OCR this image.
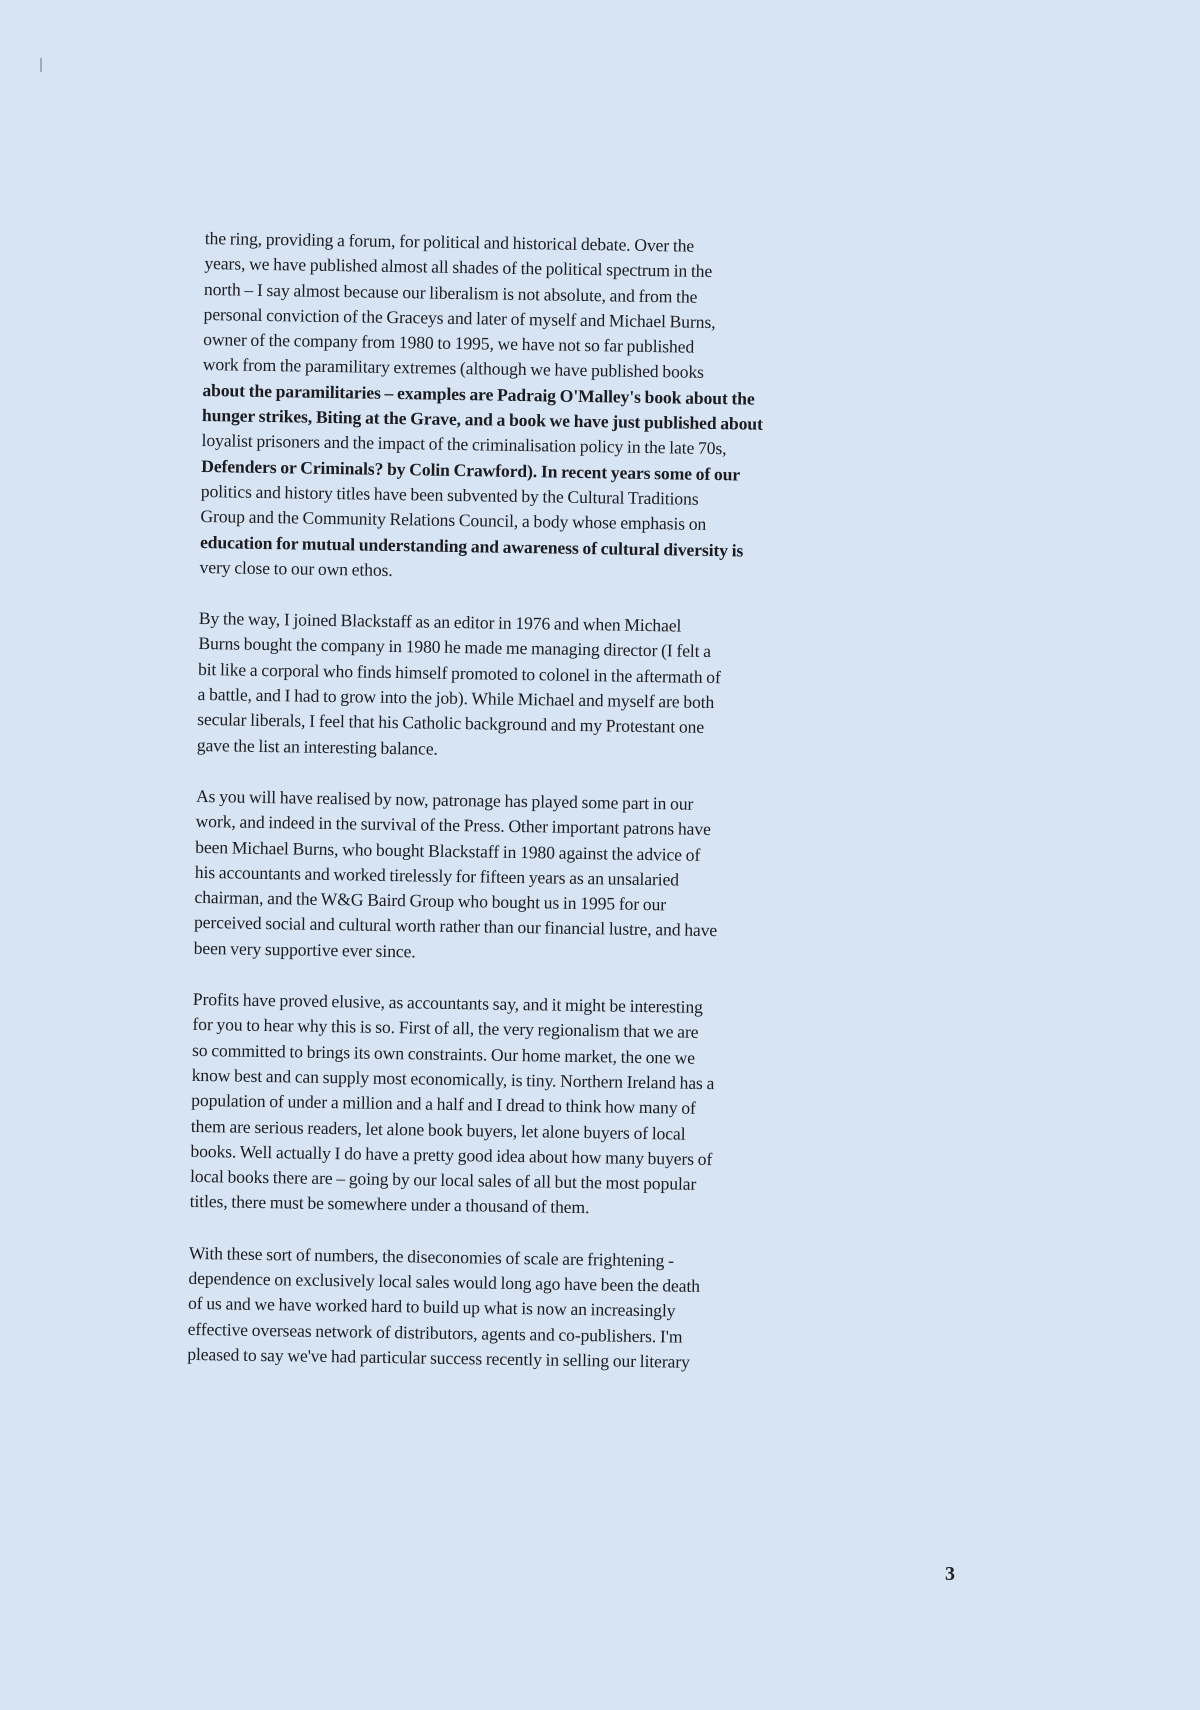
the ring, providing a forum, for political and historical debate. Over the
years, we have published almost all shades of the political spectrum in the
north – I say almost because our liberalism is not absolute, and from the
personal conviction of the Graceys and later of myself and Michael Burns,
owner of the company from 1980 to 1995, we have not so far published
work from the paramilitary extremes (although we have published books
about the paramilitaries – examples are Padraig O'Malley's book about the
hunger strikes, Biting at the Grave, and a book we have just published about
loyalist prisoners and the impact of the criminalisation policy in the late 70s,
Defenders or Criminals? by Colin Crawford). In recent years some of our
politics and history titles have been subvented by the Cultural Traditions
Group and the Community Relations Council, a body whose emphasis on
education for mutual understanding and awareness of cultural diversity is
very close to our own ethos.
By the way, I joined Blackstaff as an editor in 1976 and when Michael
Burns bought the company in 1980 he made me managing director (I felt a
bit like a corporal who finds himself promoted to colonel in the aftermath of
a battle, and I had to grow into the job). While Michael and myself are both
secular liberals, I feel that his Catholic background and my Protestant one
gave the list an interesting balance.
As you will have realised by now, patronage has played some part in our
work, and indeed in the survival of the Press. Other important patrons have
been Michael Burns, who bought Blackstaff in 1980 against the advice of
his accountants and worked tirelessly for fifteen years as an unsalaried
chairman, and the W&G Baird Group who bought us in 1995 for our
perceived social and cultural worth rather than our financial lustre, and have
been very supportive ever since.
Profits have proved elusive, as accountants say, and it might be interesting
for you to hear why this is so. First of all, the very regionalism that we are
so committed to brings its own constraints. Our home market, the one we
know best and can supply most economically, is tiny. Northern Ireland has a
population of under a million and a half and I dread to think how many of
them are serious readers, let alone book buyers, let alone buyers of local
books. Well actually I do have a pretty good idea about how many buyers of
local books there are – going by our local sales of all but the most popular
titles, there must be somewhere under a thousand of them.
With these sort of numbers, the diseconomies of scale are frightening -
dependence on exclusively local sales would long ago have been the death
of us and we have worked hard to build up what is now an increasingly
effective overseas network of distributors, agents and co-publishers. I'm
pleased to say we've had particular success recently in selling our literary
3
